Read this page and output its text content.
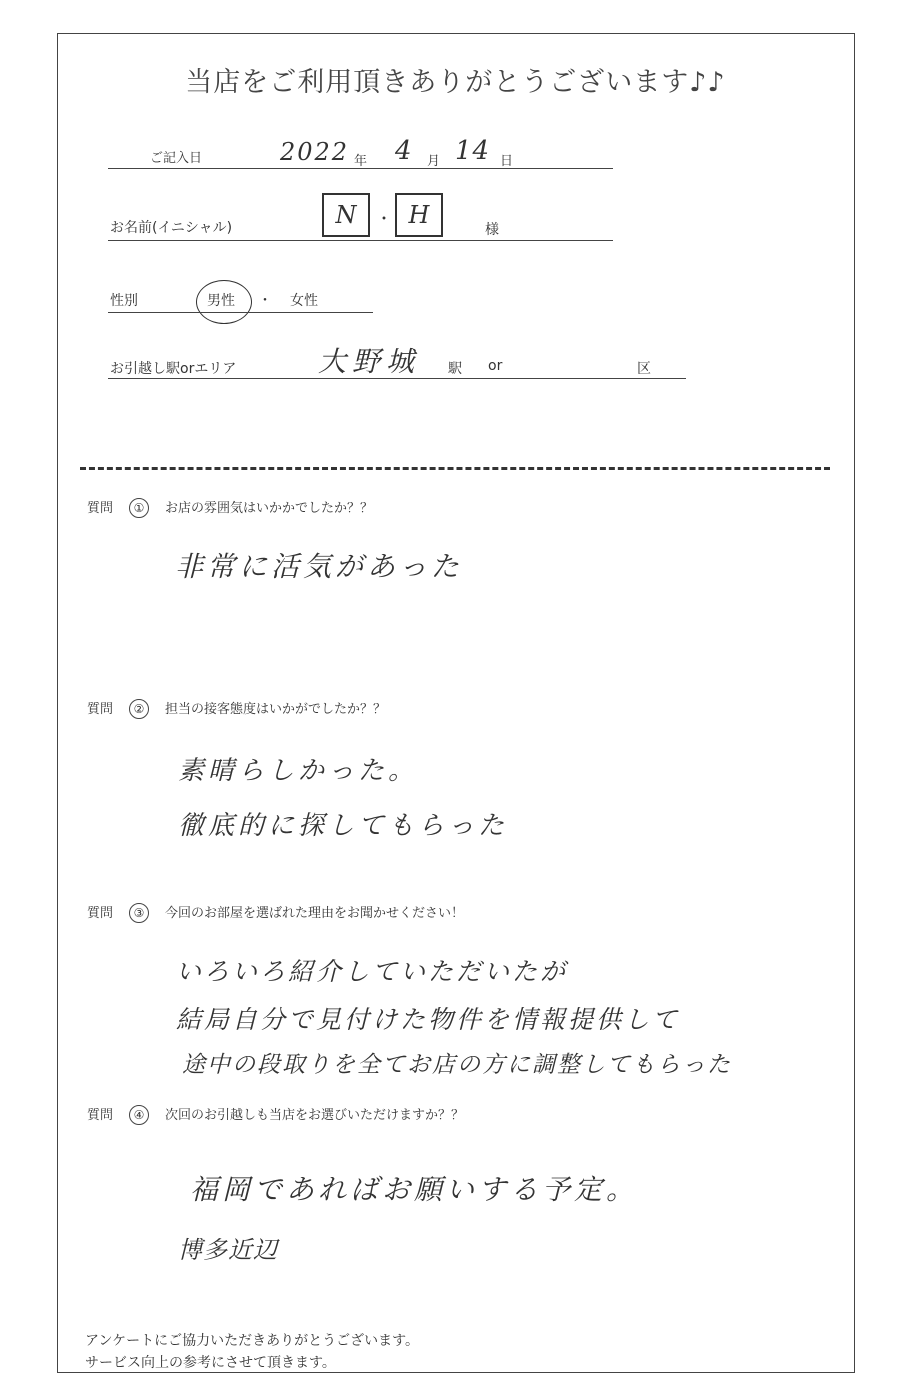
当店をご利用頂きありがとうございます♪♪
ご記入日	2022 年 4 月 14 日
お名前(イニシャル)	N	・ H
様
性別	男性 ・ 女性
お引越し駅orエリア	大野城 駅 or	区
質問 ① お店の雰囲気はいかかでしたか？？
非常に活気があった
質問 ② 担当の接客態度はいかがでしたか？？
素晴らしかった。
徹底的に探してもらった
質問 ③ 今回のお部屋を選ばれた理由をお聞かせください！
いろいろ紹介していただいたが
結局自分で見付けた物件を情報提供して
途中の段取りを全てお店の方に調整してもらった
質問 ④ 次回のお引越しも当店をお選びいただけますか？？
福岡であればお願いする予定。
博多近辺
アンケートにご協力いただきありがとうございます。
サービス向上の参考にさせて頂きます。
